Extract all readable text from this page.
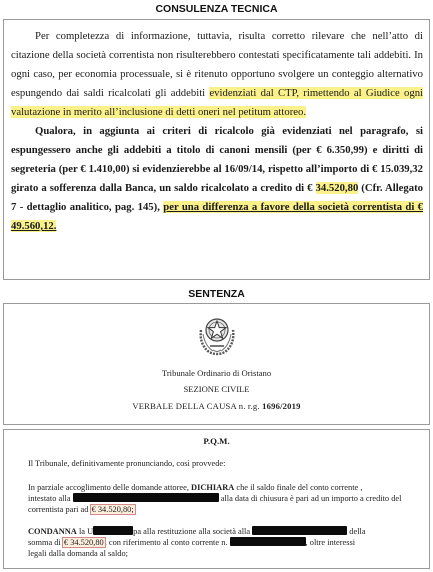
CONSULENZA TECNICA

Per completezza di informazione, tuttavia, risulta corretto rilevare che nell’atto di citazione della società correntista non risulterebbero contestati specificatamente tali addebiti. In ogni caso, per economia processuale, si è ritenuto opportuno svolgere un conteggio alternativo espungendo dai saldi ricalcolati gli addebiti evidenziati dal CTP, rimettendo al Giudice ogni valutazione in merito all’inclusione di detti oneri nel petitum attoreo.

Qualora, in aggiunta ai criteri di ricalcolo già evidenziati nel paragrafo, si espungessero anche gli addebiti a titolo di canoni mensili (per € 6.350,99) e diritti di segreteria (per € 1.410,00) si evidenzierebbe al 16/09/14, rispetto all’importo di € 15.039,32 girato a sofferenza dalla Banca, un saldo ricalcolato a credito di € 34.520,80 (Cfr. Allegato 7 - dettaglio analitico, pag. 145), per una differenza a favore della società correntista di € 49.560,12.

SENTENZA
Tribunale Ordinario di Oristano
SEZIONE CIVILE
VERBALE DELLA CAUSA n. r.g. 1696/2019
P.Q.M.
Il Tribunale, definitivamente pronunciando, così provvede:
In parziale accoglimento delle domande attoree, DICHIARA che il saldo finale del conto corrente ,
intestato alla	alla data di chiusura è pari ad un importo a credito del
correntista pari ad € 34.520,80;
CONDANNA la U	pa alla restituzione alla società alla	della
somma di € 34.520,80, con riferimento al conto corrente n.	, oltre interessi
legali dalla domanda al saldo;
